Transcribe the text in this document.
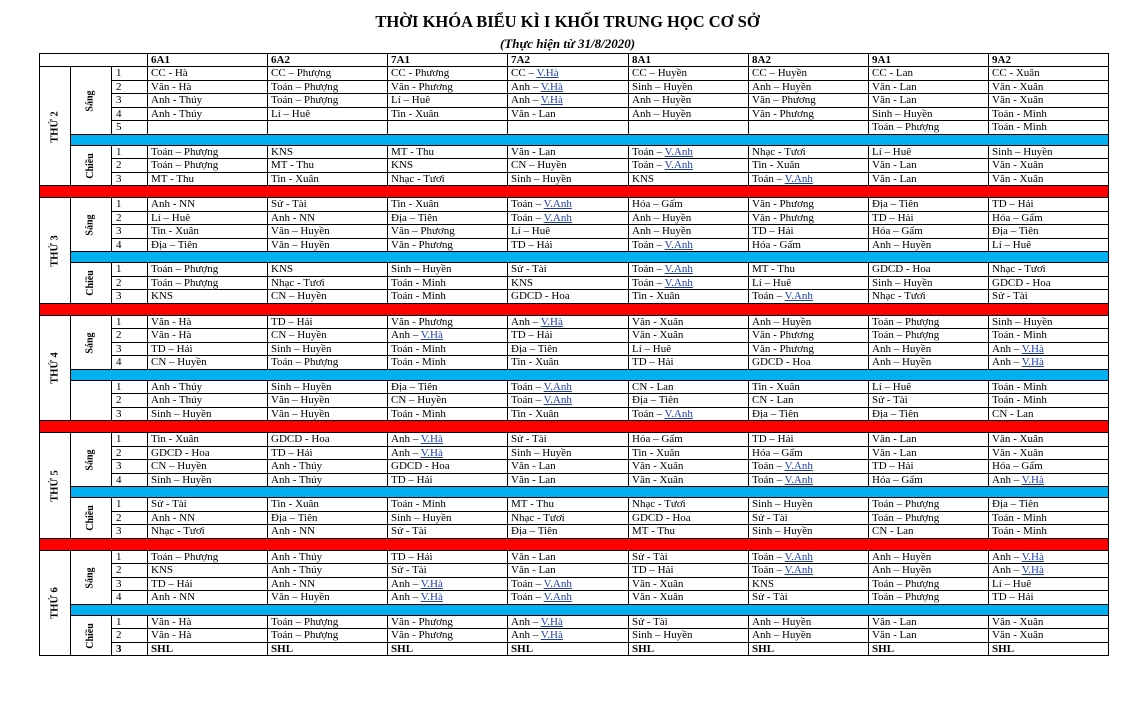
THỜI KHÓA BIỂU KÌ I KHỐI TRUNG HỌC CƠ SỞ
(Thực hiện từ 31/8/2020)
			6A1	6A2	7A1	7A2	8A1	8A2	9A1	9A2
THỨ 2	Sáng	1	CC - Hà	CC – Phượng	CC - Phương	CC – V.Hà	CC – Huyền	CC – Huyền	CC - Lan	CC - Xuân
		2	Văn - Hà	Toán – Phượng	Văn - Phương	Anh – V.Hà	Sinh – Huyền	Anh – Huyền	Văn - Lan	Văn - Xuân
		3	Anh - Thúy	Toán – Phượng	Lí – Huê	Anh – V.Hà	Anh – Huyền	Văn – Phương	Văn - Lan	Văn - Xuân
		4	Anh - Thúy	Lí – Huê	Tin - Xuân	Văn - Lan	Anh – Huyền	Văn - Phương	Sinh – Huyền	Toán - Minh
		5							Toán – Phượng	Toán - Minh

	Chiều	1	Toán – Phượng	KNS	MT - Thu	Văn - Lan	Toán – V.Anh	Nhạc - Tươi	Lí – Huê	Sinh – Huyền
		2	Toán – Phượng	MT - Thu	KNS	CN – Huyền	Toán – V.Anh	Tin - Xuân	Văn - Lan	Văn - Xuân
		3	MT - Thu	Tin - Xuân	Nhạc - Tươi	Sinh – Huyền	KNS	Toán – V.Anh	Văn - Lan	Văn - Xuân

THỨ 3	Sáng	1	Anh - NN	Sử - Tài	Tin - Xuân	Toán – V.Anh	Hóa – Gấm	Văn - Phương	Địa – Tiên	TD – Hải
		2	Lí – Huê	Anh - NN	Địa – Tiên	Toán – V.Anh	Anh – Huyền	Văn - Phương	TD – Hải	Hóa – Gấm
		3	Tin - Xuân	Văn – Huyền	Văn – Phương	Lí – Huê	Anh – Huyền	TD – Hải	Hóa – Gấm	Địa – Tiên
		4	Địa – Tiên	Văn – Huyền	Văn - Phương	TD – Hải	Toán – V.Anh	Hóa - Gấm	Anh – Huyền	Lí – Huê

	Chiều	1	Toán – Phượng	KNS	Sinh – Huyền	Sử - Tài	Toán – V.Anh	MT - Thu	GDCD - Hoa	Nhạc - Tươi
		2	Toán – Phượng	Nhạc - Tươi	Toán - Minh	KNS	Toán – V.Anh	Lí – Huê	Sinh – Huyền	GDCD - Hoa
		3	KNS	CN – Huyền	Toán - Minh	GDCD - Hoa	Tin - Xuân	Toán – V.Anh	Nhạc - Tươi	Sử - Tài

THỨ 4	Sáng	1	Văn - Hà	TD – Hải	Văn - Phương	Anh – V.Hà	Văn - Xuân	Anh – Huyền	Toán – Phượng	Sinh – Huyền
		2	Văn - Hà	CN – Huyền	Anh – V.Hà	TD – Hải	Văn - Xuân	Văn - Phương	Toán – Phượng	Toán - Minh
		3	TD – Hải	Sinh – Huyền	Toán - Minh	Địa – Tiên	Lí – Huê	Văn - Phương	Anh – Huyền	Anh – V.Hà
		4	CN – Huyền	Toán – Phượng	Toán - Minh	Tin - Xuân	TD – Hải	GDCD - Hoa	Anh – Huyền	Anh – V.Hà

		1	Anh - Thúy	Sinh – Huyền	Địa – Tiên	Toán – V.Anh	CN - Lan	Tin - Xuân	Lí – Huê	Toán - Minh
		2	Anh - Thúy	Văn – Huyền	CN – Huyền	Toán – V.Anh	Địa – Tiên	CN - Lan	Sử - Tài	Toán - Minh
		3	Sinh – Huyền	Văn – Huyền	Toán - Minh	Tin - Xuân	Toán – V.Anh	Địa – Tiên	Địa – Tiên	CN - Lan

THỨ 5	Sáng	1	Tin - Xuân	GDCD - Hoa	Anh – V.Hà	Sử - Tài	Hóa – Gấm	TD – Hải	Văn - Lan	Văn - Xuân
		2	GDCD - Hoa	TD – Hải	Anh – V.Hà	Sinh – Huyền	Tin - Xuân	Hóa – Gấm	Văn - Lan	Văn - Xuân
		3	CN – Huyền	Anh - Thúy	GDCD - Hoa	Văn - Lan	Văn - Xuân	Toán – V.Anh	TD – Hải	Hóa – Gấm
		4	Sinh – Huyền	Anh - Thúy	TD – Hải	Văn - Lan	Văn - Xuân	Toán – V.Anh	Hóa – Gấm	Anh – V.Hà

	Chiều	1	Sử - Tài	Tin - Xuân	Toán - Minh	MT - Thu	Nhạc - Tươi	Sinh – Huyền	Toán – Phượng	Địa – Tiên
		2	Anh - NN	Địa – Tiên	Sinh – Huyền	Nhạc - Tươi	GDCD - Hoa	Sử - Tài	Toán – Phượng	Toán - Minh
		3	Nhạc - Tươi	Anh - NN	Sử - Tài	Địa – Tiên	MT - Thu	Sinh – Huyền	CN - Lan	Toán - Minh

THỨ 6	Sáng	1	Toán – Phượng	Anh - Thúy	TD – Hải	Văn - Lan	Sử - Tài	Toán – V.Anh	Anh – Huyền	Anh – V.Hà
		2	KNS	Anh - Thúy	Sử - Tài	Văn - Lan	TD – Hải	Toán – V.Anh	Anh – Huyền	Anh – V.Hà
		3	TD – Hải	Anh - NN	Anh – V.Hà	Toán – V.Anh	Văn - Xuân	KNS	Toán – Phượng	Lí – Huê
		4	Anh - NN	Văn – Huyền	Anh – V.Hà	Toán – V.Anh	Văn - Xuân	Sử - Tài	Toán – Phượng	TD – Hải

	Chiều	1	Văn - Hà	Toán – Phượng	Văn - Phương	Anh – V.Hà	Sử - Tài	Anh – Huyền	Văn - Lan	Văn - Xuân
		2	Văn - Hà	Toán – Phượng	Văn - Phương	Anh – V.Hà	Sinh – Huyền	Anh – Huyền	Văn - Lan	Văn - Xuân
		3	SHL	SHL	SHL	SHL	SHL	SHL	SHL	SHL
